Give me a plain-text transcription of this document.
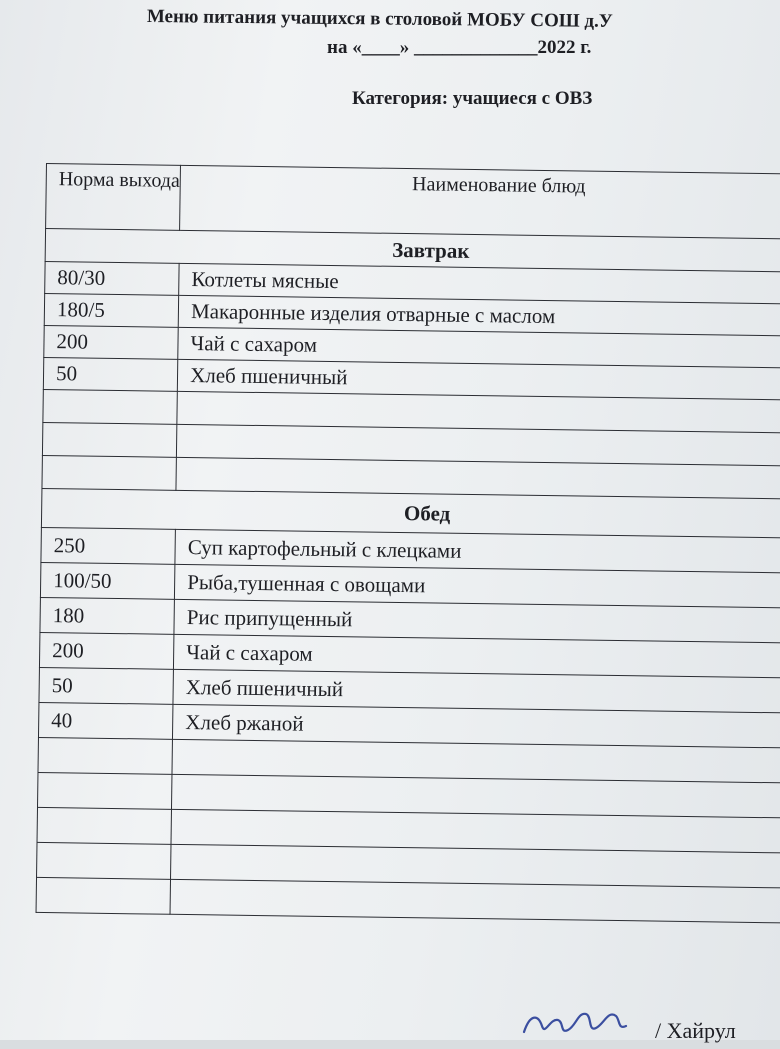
Меню питания учащихся в столовой МОБУ СОШ д.У
на «____» _____________2022 г.
Категория: учащиеся с ОВЗ
Норма выхода	Наименование блюд
Завтрак	
80/30	Котлеты мясные
180/5	Макаронные изделия отварные с маслом
200	Чай с сахаром
50	Хлеб пшеничный

Обед	
250	Суп картофельный с клецками
100/50	Рыба,тушенная с овощами
180	Рис припущенный
200	Чай с сахаром
50	Хлеб пшеничный
40	Хлеб ржаной

/ Хайрул
